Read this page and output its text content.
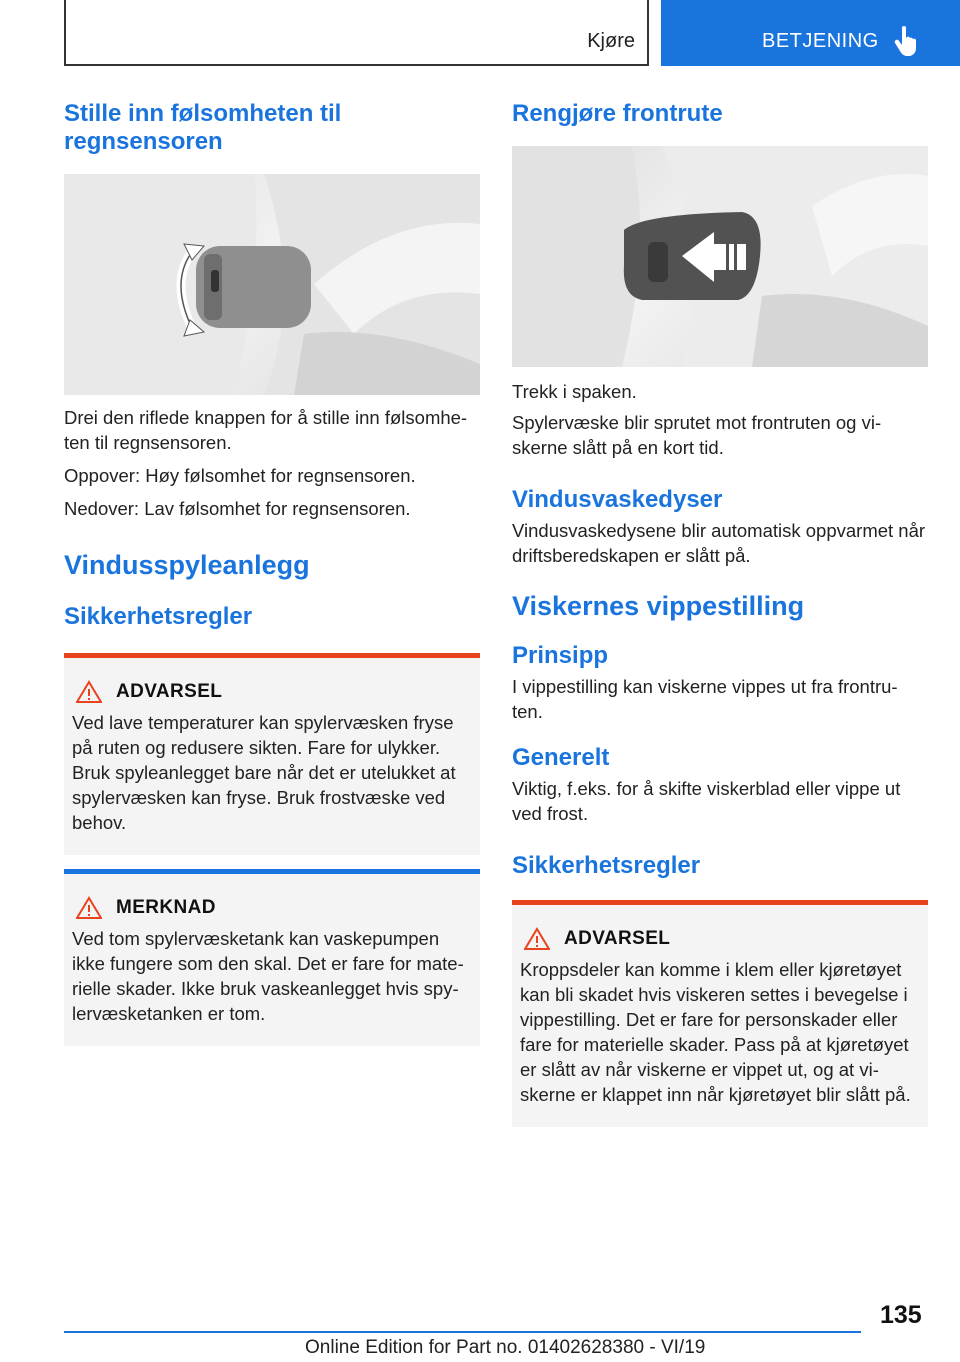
Kjøre	BETJENING
Stille inn følsomheten til regnsensoren

Drei den riflede knappen for å stille inn følsomhe-ten til regnsensoren.

Oppover: Høy følsomhet for regnsensoren.

Nedover: Lav følsomhet for regnsensoren.

Vindusspyleanlegg
Sikkerhetsregler
ADVARSEL
Ved lave temperaturer kan spylervæsken fryse på ruten og redusere sikten. Fare for ulykker. Bruk spyleanlegget bare når det er utelukket at spylervæsken kan fryse. Bruk frostvæske ved behov.
MERKNAD
Ved tom spylervæsketank kan vaskepumpen ikke fungere som den skal. Det er fare for mate-rielle skader. Ikke bruk vaskeanlegget hvis spy-lervæsketanken er tom.
Rengjøre frontrute

Trekk i spaken.

Spylervæske blir sprutet mot frontruten og vi-skerne slått på en kort tid.

Vindusvaskedyser

Vindusvaskedysene blir automatisk oppvarmet når driftsberedskapen er slått på.

Viskernes vippestilling
Prinsipp

I vippestilling kan viskerne vippes ut fra frontru-ten.

Generelt

Viktig, f.eks. for å skifte viskerblad eller vippe ut ved frost.

Sikkerhetsregler
ADVARSEL
Kroppsdeler kan komme i klem eller kjøretøyet kan bli skadet hvis viskeren settes i bevegelse i vippestilling. Det er fare for personskader eller fare for materielle skader. Pass på at kjøretøyet er slått av når viskerne er vippet ut, og at vi-skerne er klappet inn når kjøretøyet blir slått på.
135
Online Edition for Part no. 01402628380 - VI/19
